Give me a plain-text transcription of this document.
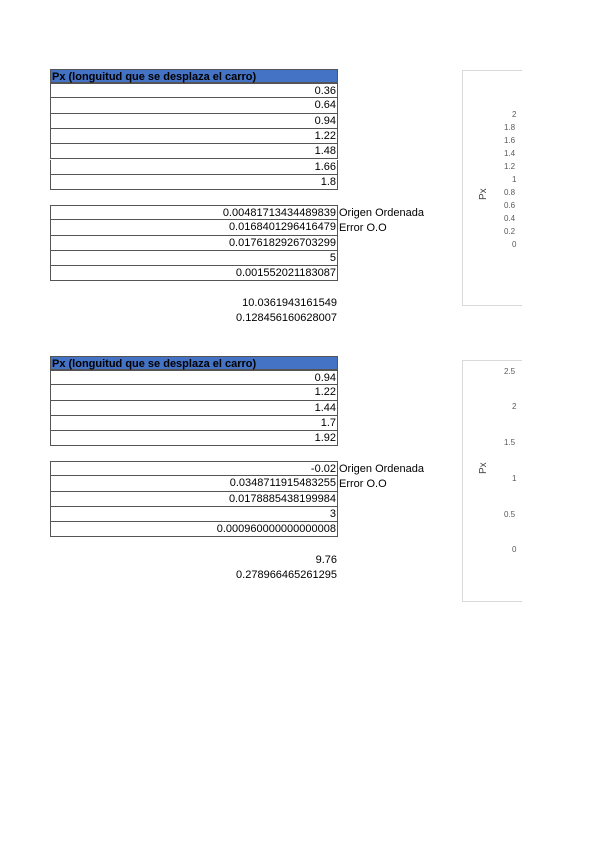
Px (longuitud que se desplaza el carro)
0.36
0.64
0.94
1.22
1.48
1.66
1.8
0.00481713434489839
0.0168401296416479
0.0176182926703299
5
0.001552021183087
Origen Ordenada
Error O.O
10.0361943161549
0.128456160628007
Px (longuitud que se desplaza el carro)
0.94
1.22
1.44
1.7
1.92
-0.02
0.0348711915483255
0.0178885438199984
3
0.000960000000000008
Origen Ordenada
Error O.O
9.76
0.278966465261295
Px
2
1.8
1.6
1.4
1.2
1
0.8
0.6
0.4
0.2
0
Px
2.5
2
1.5
1
0.5
0
